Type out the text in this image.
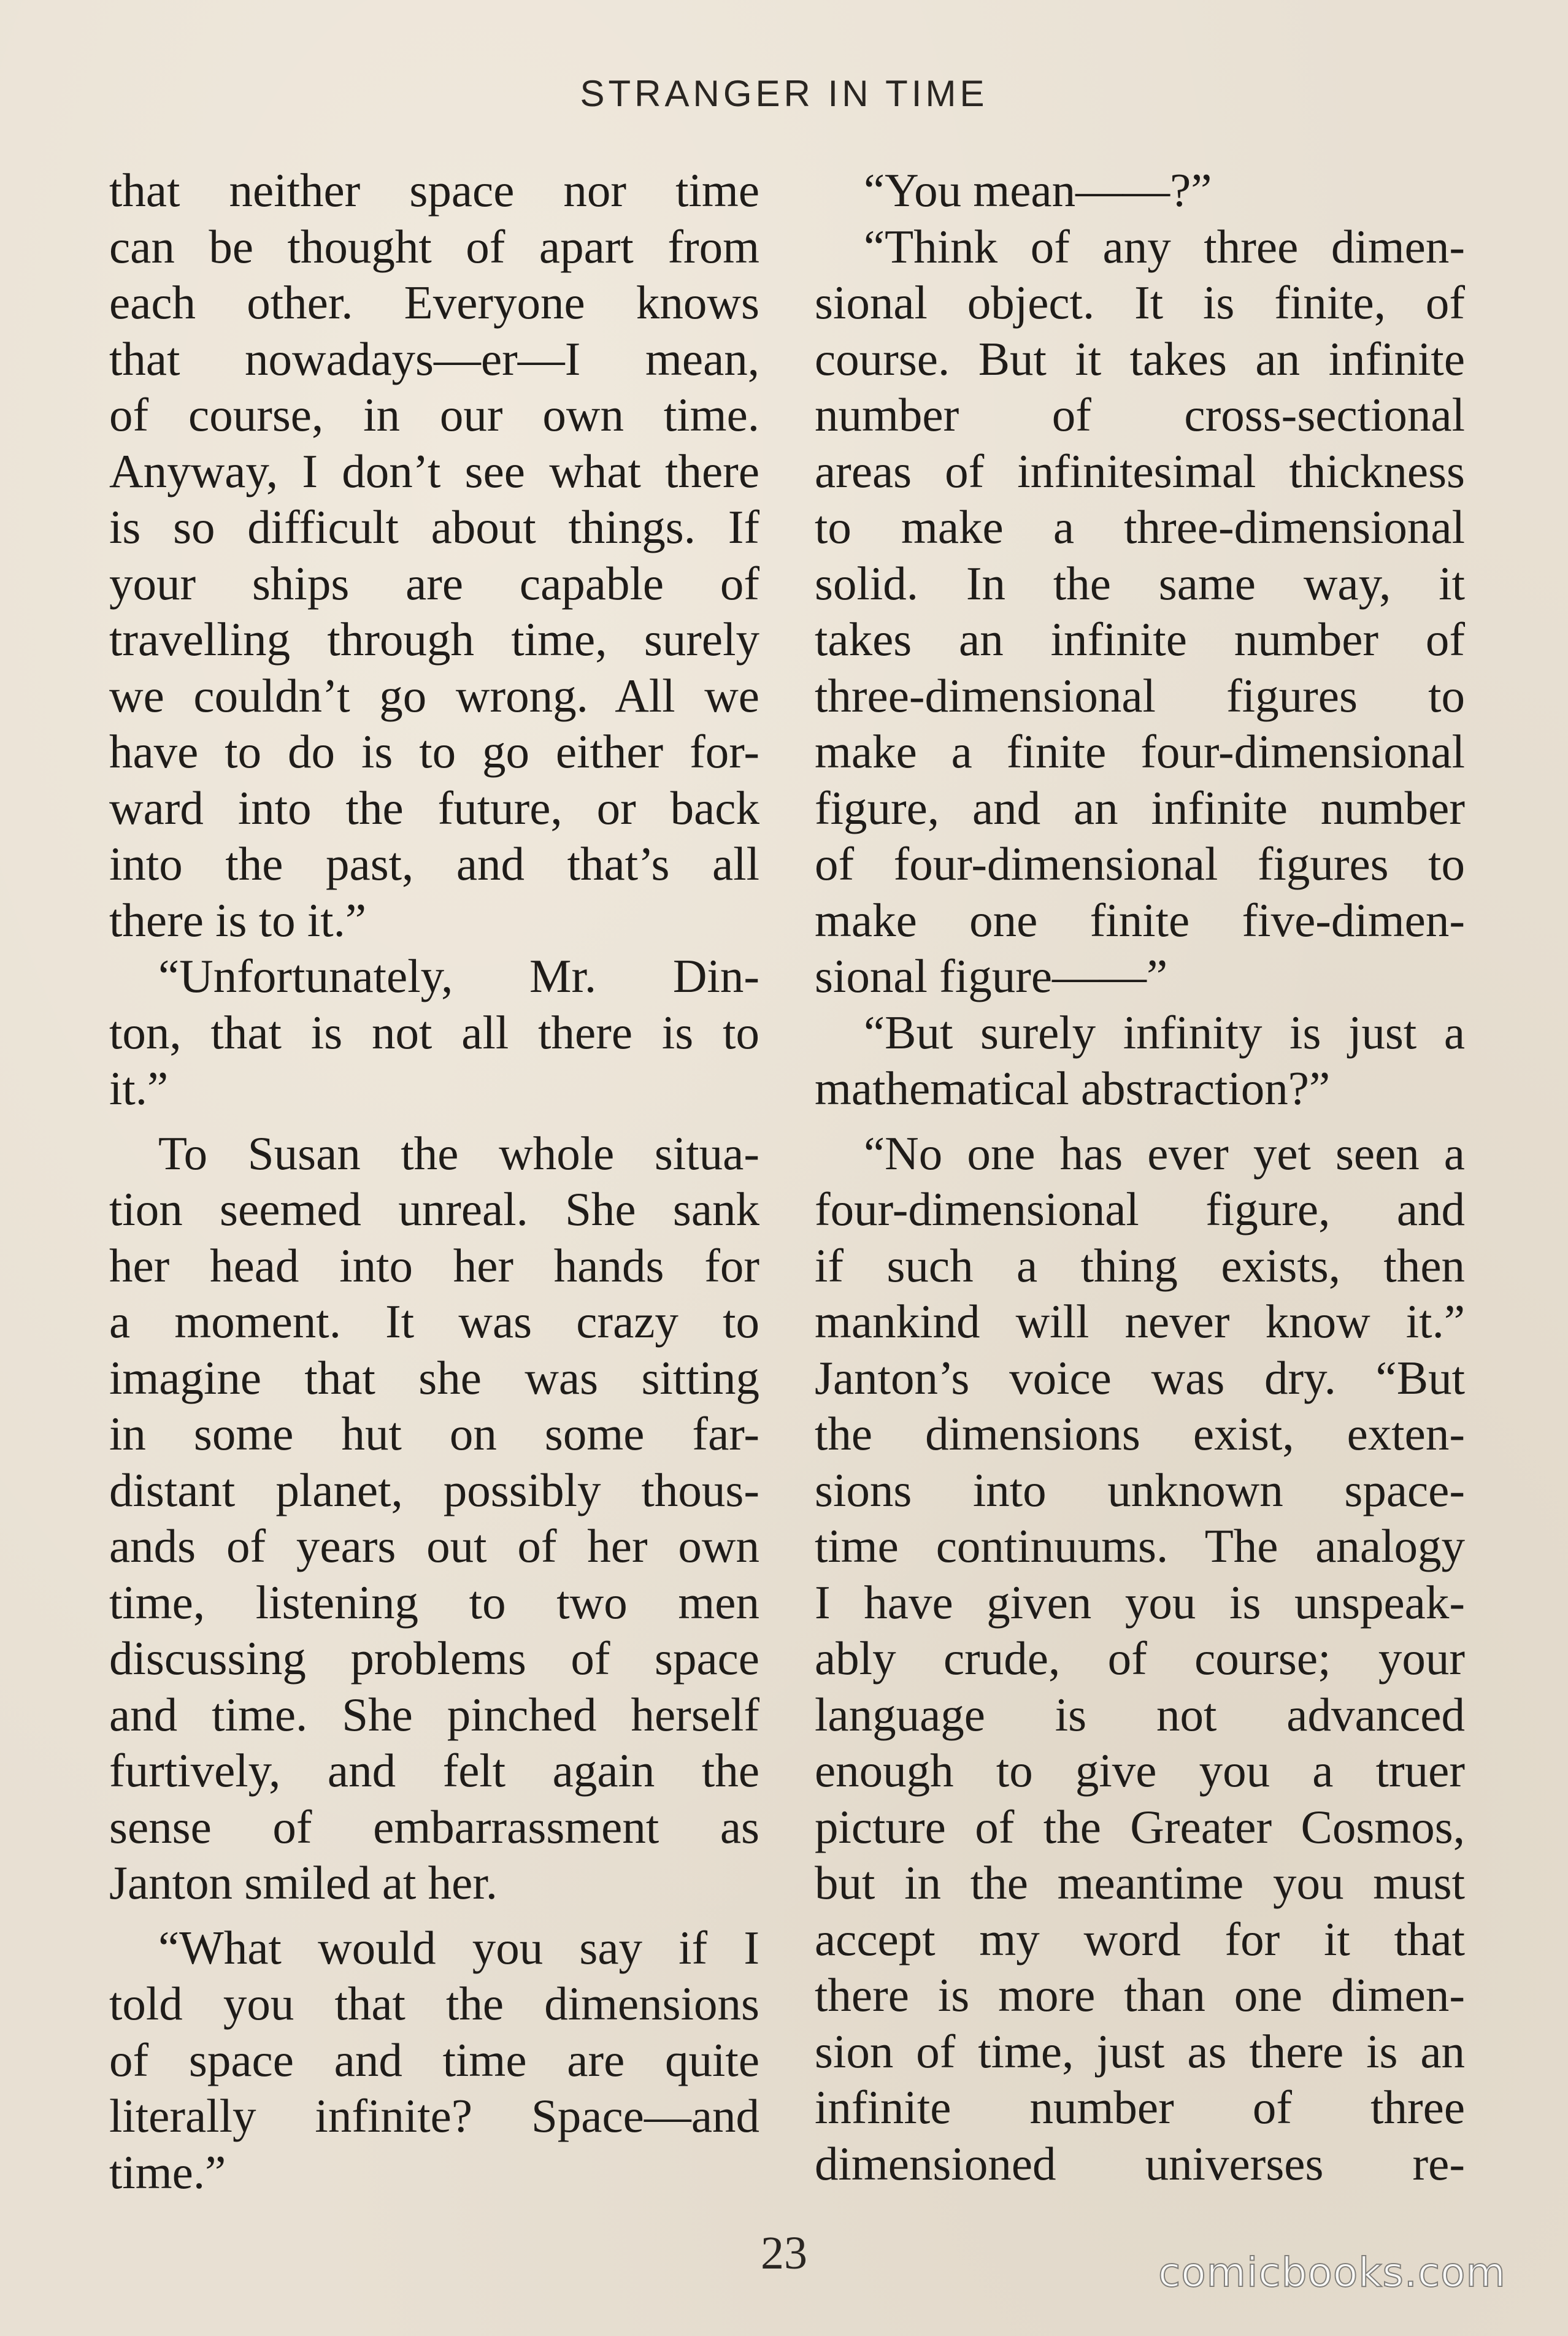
STRANGER IN TIME
that neither space nor time
can be thought of apart from
each other. Everyone knows
that nowadays—er—I mean,
of course, in our own time.
Anyway, I don’t see what there
is so difficult about things. If
your ships are capable of
travelling through time, surely
we couldn’t go wrong. All we
have to do is to go either for-
ward into the future, or back
into the past, and that’s all
there is to it.”
“Unfortunately, Mr. Din-
ton, that is not all there is to
it.”
To Susan the whole situa-
tion seemed unreal. She sank
her head into her hands for
a moment. It was crazy to
imagine that she was sitting
in some hut on some far-
distant planet, possibly thous-
ands of years out of her own
time, listening to two men
discussing problems of space
and time. She pinched herself
furtively, and felt again the
sense of embarrassment as
Janton smiled at her.
“What would you say if I
told you that the dimensions
of space and time are quite
literally infinite? Space—and
time.”
“You mean——?”
“Think of any three dimen-
sional object. It is finite, of
course. But it takes an infinite
number of cross-sectional
areas of infinitesimal thickness
to make a three-dimensional
solid. In the same way, it
takes an infinite number of
three-dimensional figures to
make a finite four-dimensional
figure, and an infinite number
of four-dimensional figures to
make one finite five-dimen-
sional figure——”
“But surely infinity is just a
mathematical abstraction?”
“No one has ever yet seen a
four-dimensional figure, and
if such a thing exists, then
mankind will never know it.”
Janton’s voice was dry. “But
the dimensions exist, exten-
sions into unknown space-
time continuums. The analogy
I have given you is unspeak-
ably crude, of course; your
language is not advanced
enough to give you a truer
picture of the Greater Cosmos,
but in the meantime you must
accept my word for it that
there is more than one dimen-
sion of time, just as there is an
infinite number of three
dimensioned universes re-
23	comicbooks.com
